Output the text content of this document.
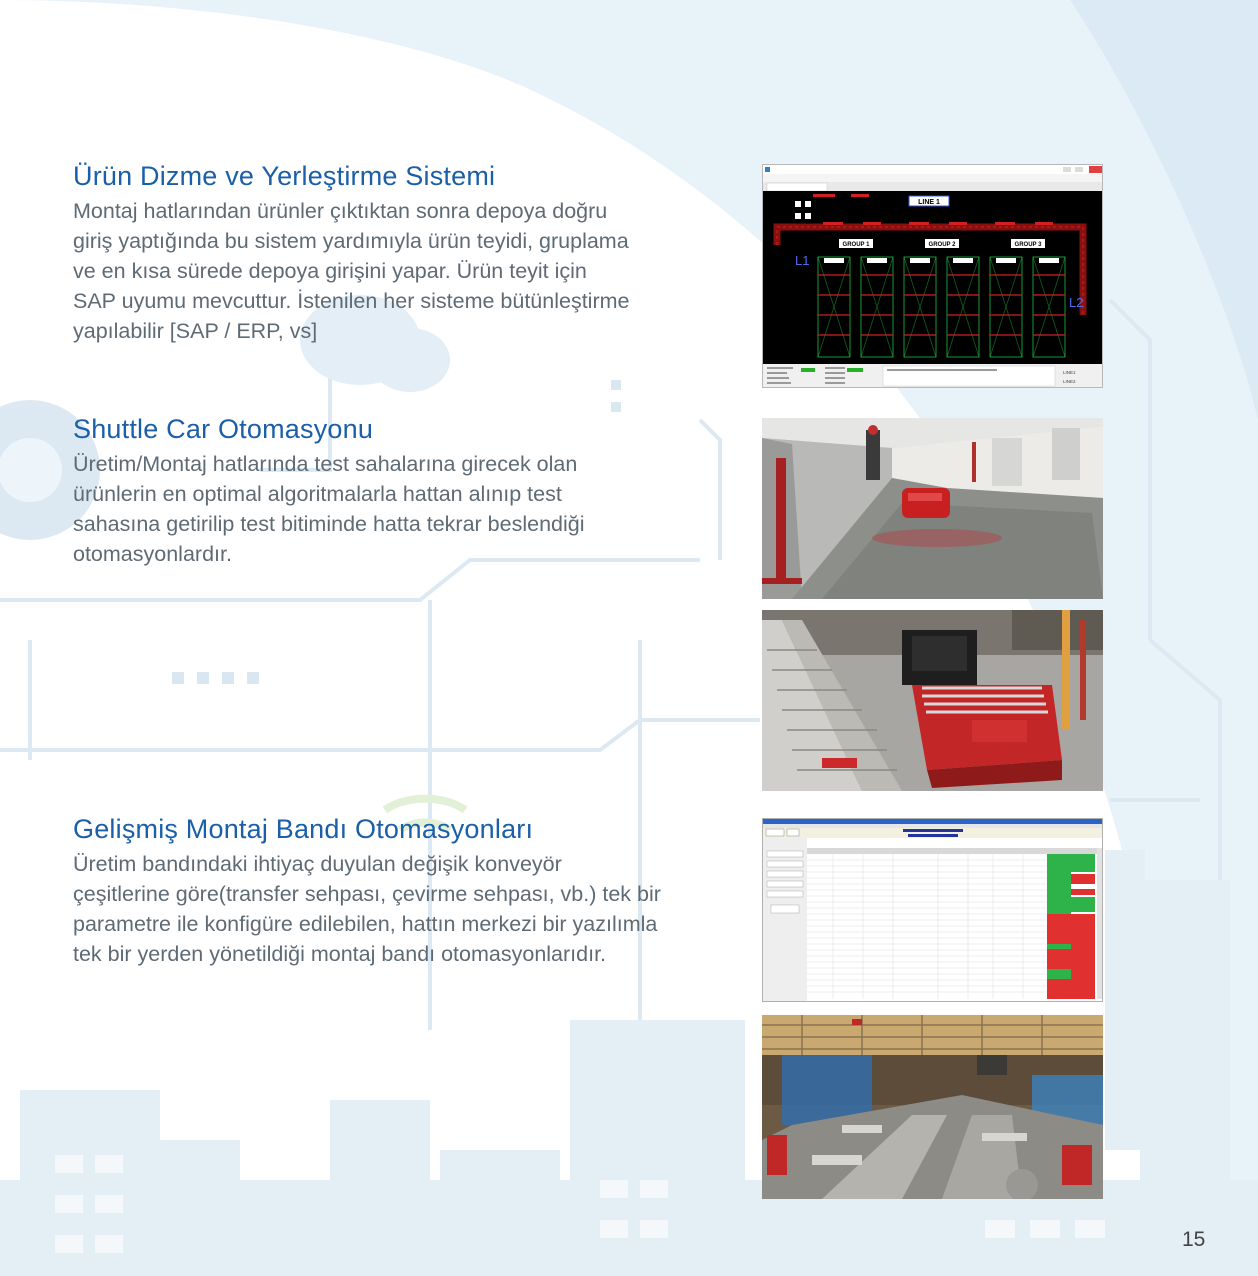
Ürün Dizme ve Yerleştirme Sistemi

Montaj hatlarından ürünler çıktıktan sonra depoya doğru
giriş yaptığında bu sistem yardımıyla ürün teyidi, gruplama
ve en kısa sürede depoya girişini yapar. Ürün teyit için
SAP uyumu mevcuttur. İstenilen her sisteme bütünleştirme
yapılabilir [SAP / ERP, vs]

Shuttle Car Otomasyonu

Üretim/Montaj hatlarında test sahalarına girecek olan
ürünlerin en optimal algoritmalarla hattan alınıp test
sahasına getirilip test bitiminde hatta tekrar beslendiği
otomasyonlardır.

Gelişmiş Montaj Bandı Otomasyonları

Üretim bandındaki ihtiyaç duyulan değişik konveyör
çeşitlerine göre(transfer sehpası, çevirme sehpası, vb.) tek bir
parametre ile konfigüre edilebilen, hattın merkezi bir yazılımla
tek bir yerden yönetildiği montaj bandı otomasyonlarıdır.

LINE 1
GROUP 1	GROUP 2	GROUP 3
L1
L2
LINE1
LINE2
15
